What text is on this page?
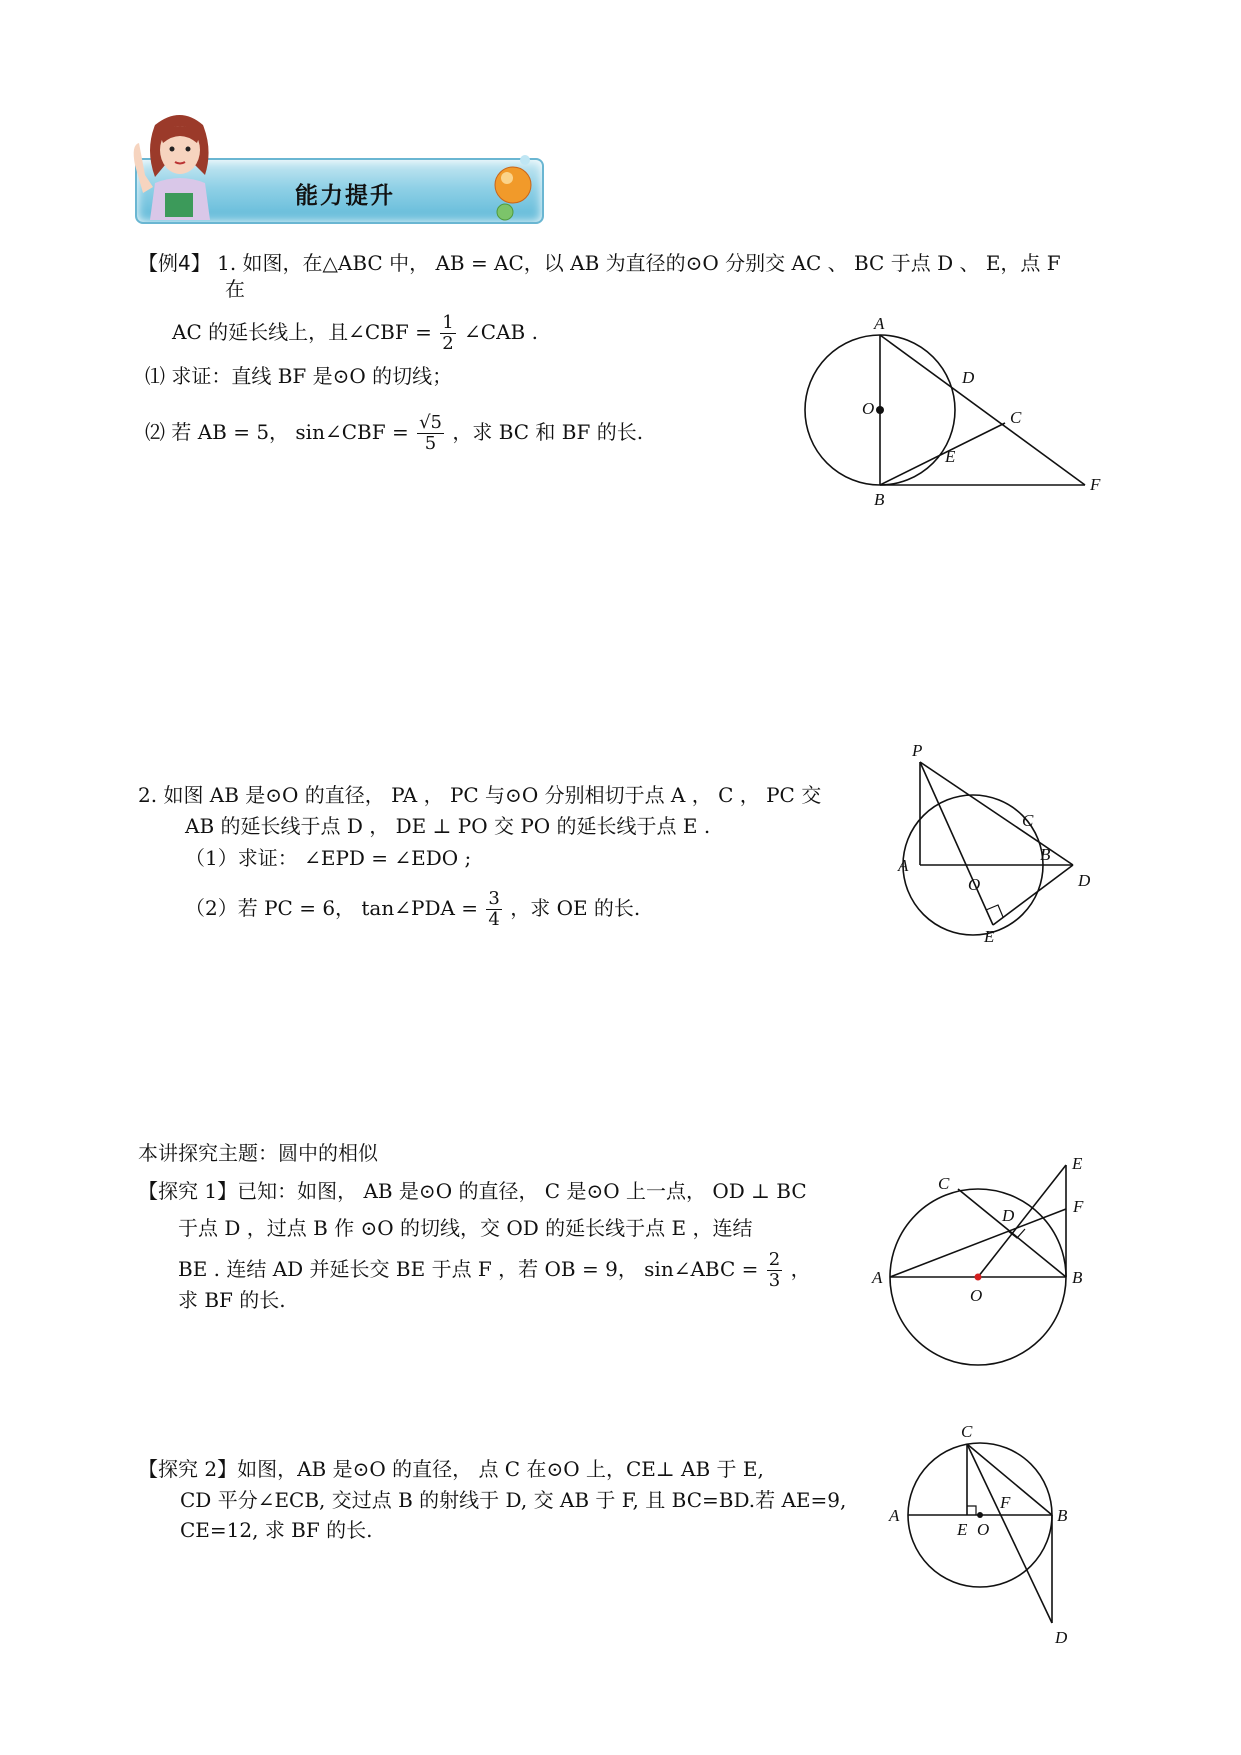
能力提升
【例4】 1. 如图，在△ABC 中， AB = AC，以 AB 为直径的⊙O 分别交 AC 、 BC 于点 D 、 E，点 F
在
AC 的延长线上，且∠CBF = $\frac{1}{2}$ ∠CAB .
⑴ 求证：直线 BF 是⊙O 的切线；
⑵ 若 AB = 5， sin∠CBF = $\frac{√5}{5}$ ，求 BC 和 BF 的长.
A
D
O	C
E
B
F
2. 如图 AB 是⊙O 的直径， PA ， PC 与⊙O 分别相切于点 A ， C ， PC 交
AB 的延长线于点 D ， DE ⊥ PO 交 PO 的延长线于点 E .
（1）求证： ∠EPD = ∠EDO ;
（2）若 PC = 6， tan∠PDA = $\frac{3}{4}$ ，求 OE 的长.
P
C
B
A
O	D
E
本讲探究主题：圆中的相似
【探究 1】已知：如图， AB 是⊙O 的直径， C 是⊙O 上一点， OD ⊥ BC
于点 D ，过点 B 作 ⊙O 的切线，交 OD 的延长线于点 E ，连结
BE . 连结 AD 并延长交 BE 于点 F ，若 OB = 9， sin∠ABC = $\frac{2}{3}$ ，
求 BF 的长.
E
C
D	F
A	B
O
【探究 2】如图，AB 是⊙O 的直径， 点 C 在⊙O 上，CE⊥ AB 于 E,
CD 平分∠ECB, 交过点 B 的射线于 D, 交 AB 于 F, 且 BC=BD.若 AE=9,
CE=12, 求 BF 的长.
C
A
F
B
E O
D
